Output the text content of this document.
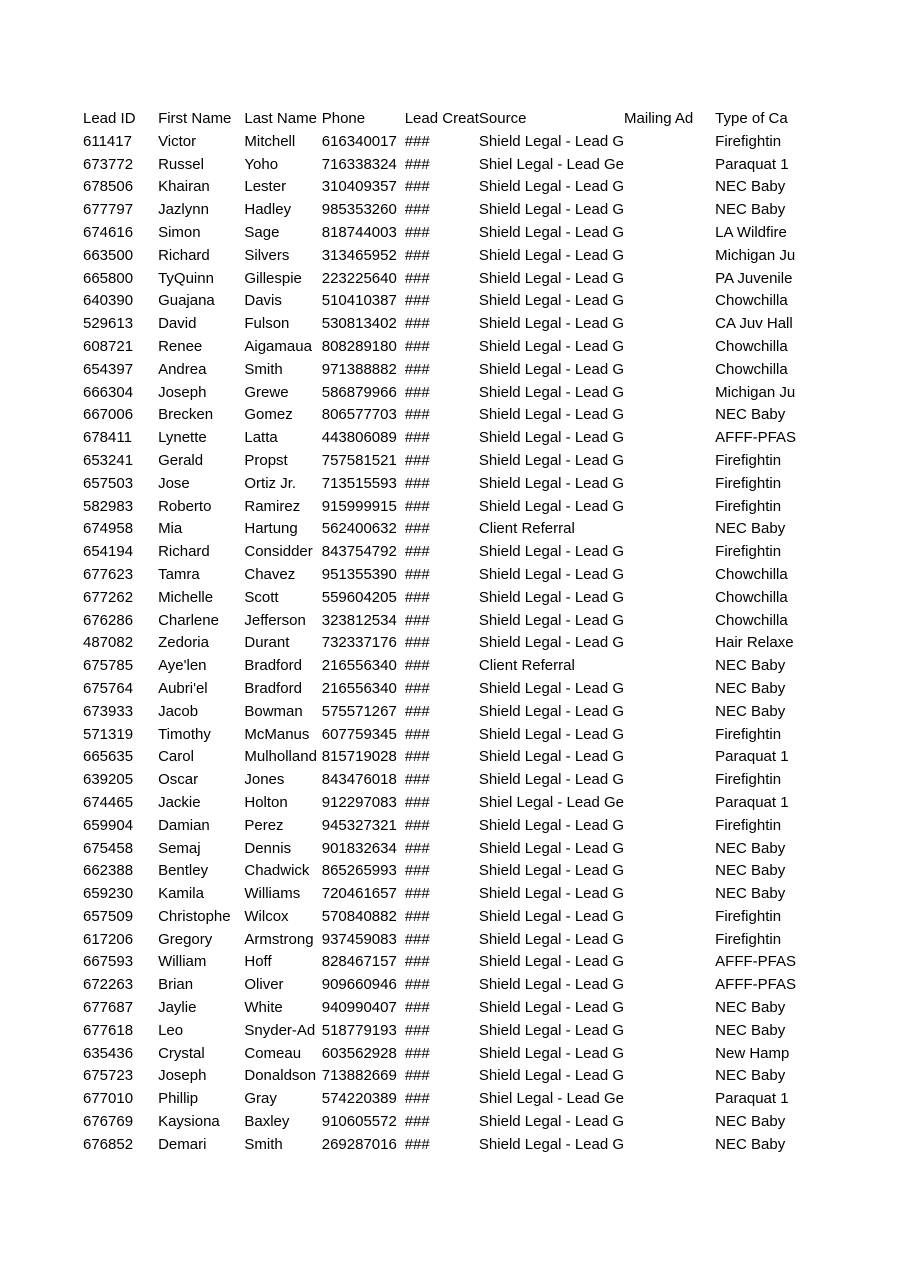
Lead ID	First Name	Last Name	Phone	Lead Creat	Source	Mailing Ad	Type of Ca
611417	Victor	Mitchell	616340017	###	Shield Legal - Lead G		Firefightin
673772	Russel	Yoho	716338324	###	Shiel Legal - Lead Ge		Paraquat 1
678506	Khairan	Lester	310409357	###	Shield Legal - Lead G		NEC Baby
677797	Jazlynn	Hadley	985353260	###	Shield Legal - Lead G		NEC Baby
674616	Simon	Sage	818744003	###	Shield Legal - Lead G		LA Wildfire
663500	Richard	Silvers	313465952	###	Shield Legal - Lead G		Michigan Ju
665800	TyQuinn	Gillespie	223225640	###	Shield Legal - Lead G		PA Juvenile
640390	Guajana	Davis	510410387	###	Shield Legal - Lead G		Chowchilla
529613	David	Fulson	530813402	###	Shield Legal - Lead G		CA Juv Hall
608721	Renee	Aigamaua	808289180	###	Shield Legal - Lead G		Chowchilla
654397	Andrea	Smith	971388882	###	Shield Legal - Lead G		Chowchilla
666304	Joseph	Grewe	586879966	###	Shield Legal - Lead G		Michigan Ju
667006	Brecken	Gomez	806577703	###	Shield Legal - Lead G		NEC Baby
678411	Lynette	Latta	443806089	###	Shield Legal - Lead G		AFFF-PFAS
653241	Gerald	Propst	757581521	###	Shield Legal - Lead G		Firefightin
657503	Jose	Ortiz Jr.	713515593	###	Shield Legal - Lead G		Firefightin
582983	Roberto	Ramirez	915999915	###	Shield Legal - Lead G		Firefightin
674958	Mia	Hartung	562400632	###	Client Referral		NEC Baby
654194	Richard	Considder	843754792	###	Shield Legal - Lead G		Firefightin
677623	Tamra	Chavez	951355390	###	Shield Legal - Lead G		Chowchilla
677262	Michelle	Scott	559604205	###	Shield Legal - Lead G		Chowchilla
676286	Charlene	Jefferson	323812534	###	Shield Legal - Lead G		Chowchilla
487082	Zedoria	Durant	732337176	###	Shield Legal - Lead G		Hair Relaxe
675785	Aye'len	Bradford	216556340	###	Client Referral		NEC Baby
675764	Aubri'el	Bradford	216556340	###	Shield Legal - Lead G		NEC Baby
673933	Jacob	Bowman	575571267	###	Shield Legal - Lead G		NEC Baby
571319	Timothy	McManus	607759345	###	Shield Legal - Lead G		Firefightin
665635	Carol	Mulholland	815719028	###	Shield Legal - Lead G		Paraquat 1
639205	Oscar	Jones	843476018	###	Shield Legal - Lead G		Firefightin
674465	Jackie	Holton	912297083	###	Shiel Legal - Lead Ge		Paraquat 1
659904	Damian	Perez	945327321	###	Shield Legal - Lead G		Firefightin
675458	Semaj	Dennis	901832634	###	Shield Legal - Lead G		NEC Baby
662388	Bentley	Chadwick	865265993	###	Shield Legal - Lead G		NEC Baby
659230	Kamila	Williams	720461657	###	Shield Legal - Lead G		NEC Baby
657509	Christophe	Wilcox	570840882	###	Shield Legal - Lead G		Firefightin
617206	Gregory	Armstrong	937459083	###	Shield Legal - Lead G		Firefightin
667593	William	Hoff	828467157	###	Shield Legal - Lead G		AFFF-PFAS
672263	Brian	Oliver	909660946	###	Shield Legal - Lead G		AFFF-PFAS
677687	Jaylie	White	940990407	###	Shield Legal - Lead G		NEC Baby
677618	Leo	Snyder-Ad	518779193	###	Shield Legal - Lead G		NEC Baby
635436	Crystal	Comeau	603562928	###	Shield Legal - Lead G		New Hamp
675723	Joseph	Donaldson	713882669	###	Shield Legal - Lead G		NEC Baby
677010	Phillip	Gray	574220389	###	Shiel Legal - Lead Ge		Paraquat 1
676769	Kaysiona	Baxley	910605572	###	Shield Legal - Lead G		NEC Baby
676852	Demari	Smith	269287016	###	Shield Legal - Lead G		NEC Baby
